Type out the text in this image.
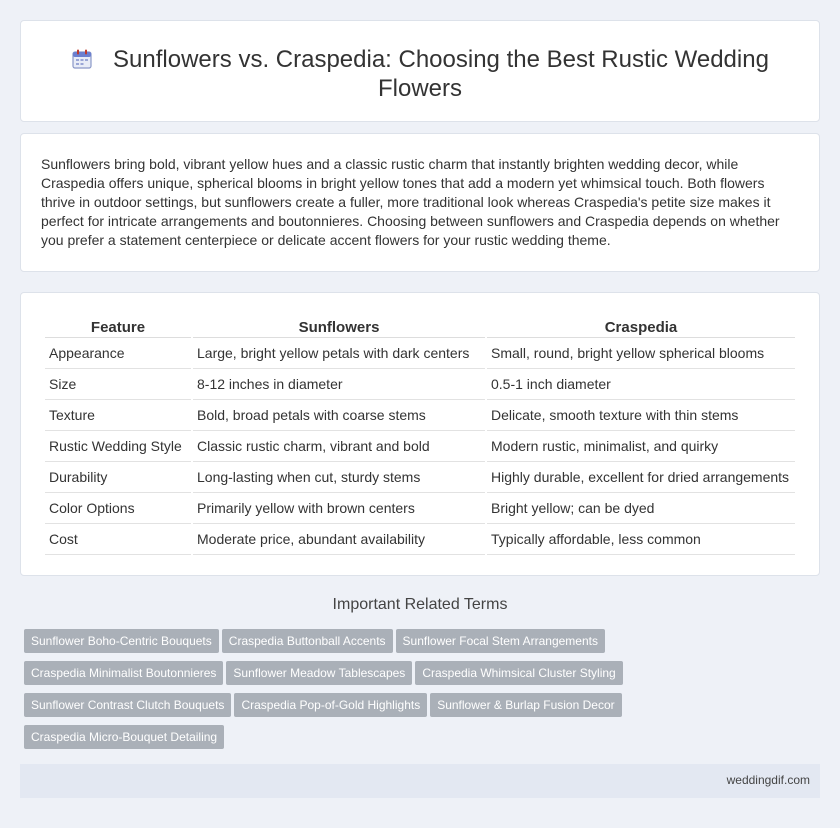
Sunflowers vs. Craspedia: Choosing the Best Rustic Wedding Flowers

Sunflowers bring bold, vibrant yellow hues and a classic rustic charm that instantly brighten wedding decor, while Craspedia offers unique, spherical blooms in bright yellow tones that add a modern yet whimsical touch. Both flowers thrive in outdoor settings, but sunflowers create a fuller, more traditional look whereas Craspedia's petite size makes it perfect for intricate arrangements and boutonnieres. Choosing between sunflowers and Craspedia depends on whether you prefer a statement centerpiece or delicate accent flowers for your rustic wedding theme.

Feature	Sunflowers	Craspedia
Appearance	Large, bright yellow petals with dark centers	Small, round, bright yellow spherical blooms
Size	8-12 inches in diameter	0.5-1 inch diameter
Texture	Bold, broad petals with coarse stems	Delicate, smooth texture with thin stems
Rustic Wedding Style	Classic rustic charm, vibrant and bold	Modern rustic, minimalist, and quirky
Durability	Long-lasting when cut, sturdy stems	Highly durable, excellent for dried arrangements
Color Options	Primarily yellow with brown centers	Bright yellow; can be dyed
Cost	Moderate price, abundant availability	Typically affordable, less common
Important Related Terms
Sunflower Boho-Centric Bouquets Craspedia Buttonball Accents Sunflower Focal Stem Arrangements
Craspedia Minimalist Boutonnieres Sunflower Meadow Tablescapes Craspedia Whimsical Cluster Styling
Sunflower Contrast Clutch Bouquets Craspedia Pop-of-Gold Highlights Sunflower & Burlap Fusion Decor
Craspedia Micro-Bouquet Detailing
weddingdif.com
